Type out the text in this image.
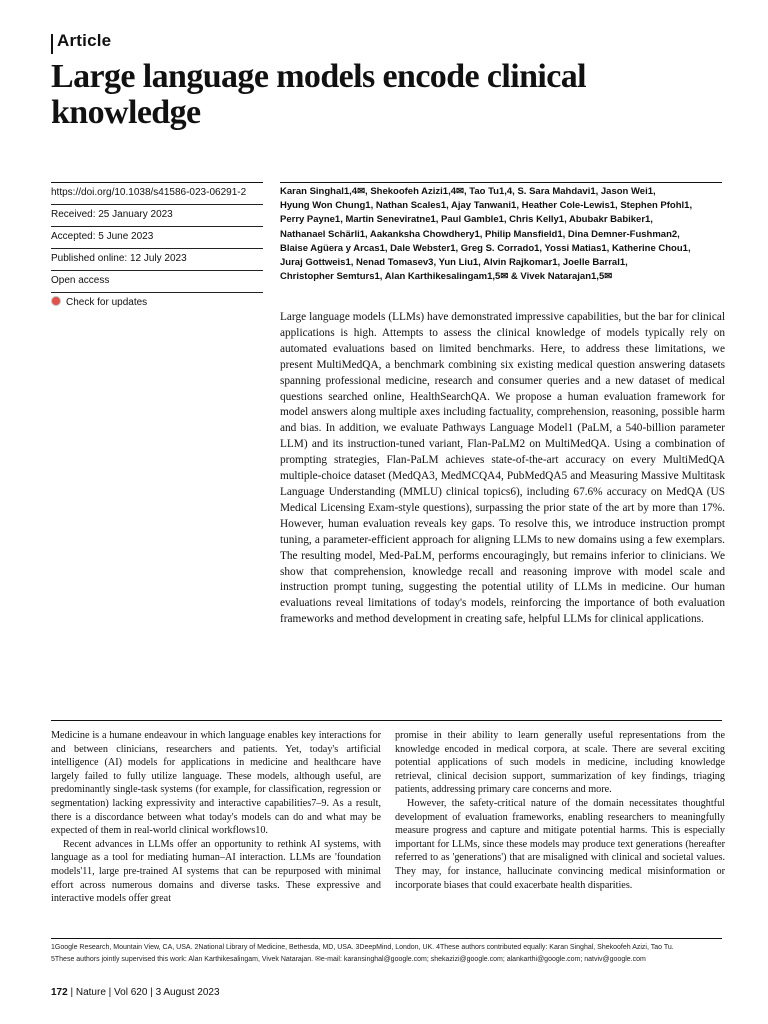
Article
Large language models encode clinical knowledge
https://doi.org/10.1038/s41586-023-06291-2
Received: 25 January 2023
Accepted: 5 June 2023
Published online: 12 July 2023
Open access
Check for updates
Karan Singhal1,4✉, Shekoofeh Azizi1,4✉, Tao Tu1,4, S. Sara Mahdavi1, Jason Wei1,
Hyung Won Chung1, Nathan Scales1, Ajay Tanwani1, Heather Cole-Lewis1, Stephen Pfohl1,
Perry Payne1, Martin Seneviratne1, Paul Gamble1, Chris Kelly1, Abubakr Babiker1,
Nathanael Schärli1, Aakanksha Chowdhery1, Philip Mansfield1, Dina Demner-Fushman2,
Blaise Agüera y Arcas1, Dale Webster1, Greg S. Corrado1, Yossi Matias1, Katherine Chou1,
Juraj Gottweis1, Nenad Tomasev3, Yun Liu1, Alvin Rajkomar1, Joelle Barral1,
Christopher Semturs1, Alan Karthikesalingam1,5✉ & Vivek Natarajan1,5✉

Large language models (LLMs) have demonstrated impressive capabilities, but the bar for clinical applications is high. Attempts to assess the clinical knowledge of models typically rely on automated evaluations based on limited benchmarks. Here, to address these limitations, we present MultiMedQA, a benchmark combining six existing medical question answering datasets spanning professional medicine, research and consumer queries and a new dataset of medical questions searched online, HealthSearchQA. We propose a human evaluation framework for model answers along multiple axes including factuality, comprehension, reasoning, possible harm and bias. In addition, we evaluate Pathways Language Model1 (PaLM, a 540-billion parameter LLM) and its instruction-tuned variant, Flan-PaLM2 on MultiMedQA. Using a combination of prompting strategies, Flan-PaLM achieves state-of-the-art accuracy on every MultiMedQA multiple-choice dataset (MedQA3, MedMCQA4, PubMedQA5 and Measuring Massive Multitask Language Understanding (MMLU) clinical topics6), including 67.6% accuracy on MedQA (US Medical Licensing Exam-style questions), surpassing the prior state of the art by more than 17%. However, human evaluation reveals key gaps. To resolve this, we introduce instruction prompt tuning, a parameter-efficient approach for aligning LLMs to new domains using a few exemplars. The resulting model, Med-PaLM, performs encouragingly, but remains inferior to clinicians. We show that comprehension, knowledge recall and reasoning improve with model scale and instruction prompt tuning, suggesting the potential utility of LLMs in medicine. Our human evaluations reveal limitations of today's models, reinforcing the importance of both evaluation frameworks and method development in creating safe, helpful LLMs for clinical applications.

Medicine is a humane endeavour in which language enables key interactions for and between clinicians, researchers and patients. Yet, today's artificial intelligence (AI) models for applications in medicine and healthcare have largely failed to fully utilize language. These models, although useful, are predominantly single-task systems (for example, for classification, regression or segmentation) lacking expressivity and interactive capabilities7–9. As a result, there is a discordance between what today's models can do and what may be expected of them in real-world clinical workflows10.

Recent advances in LLMs offer an opportunity to rethink AI systems, with language as a tool for mediating human–AI interaction. LLMs are 'foundation models'11, large pre-trained AI systems that can be repurposed with minimal effort across numerous domains and diverse tasks. These expressive and interactive models offer great

promise in their ability to learn generally useful representations from the knowledge encoded in medical corpora, at scale. There are several exciting potential applications of such models in medicine, including knowledge retrieval, clinical decision support, summarization of key findings, triaging patients, addressing primary care concerns and more.

However, the safety-critical nature of the domain necessitates thoughtful development of evaluation frameworks, enabling researchers to meaningfully measure progress and capture and mitigate potential harms. This is especially important for LLMs, since these models may produce text generations (hereafter referred to as 'generations') that are misaligned with clinical and societal values. They may, for instance, hallucinate convincing medical misinformation or incorporate biases that could exacerbate health disparities.

1Google Research, Mountain View, CA, USA. 2National Library of Medicine, Bethesda, MD, USA. 3DeepMind, London, UK. 4These authors contributed equally: Karan Singhal, Shekoofeh Azizi, Tao Tu.
5These authors jointly supervised this work: Alan Karthikesalingam, Vivek Natarajan. ✉e-mail: karansinghal@google.com; shekazizi@google.com; alankarthi@google.com; natviv@google.com
172 | Nature | Vol 620 | 3 August 2023
